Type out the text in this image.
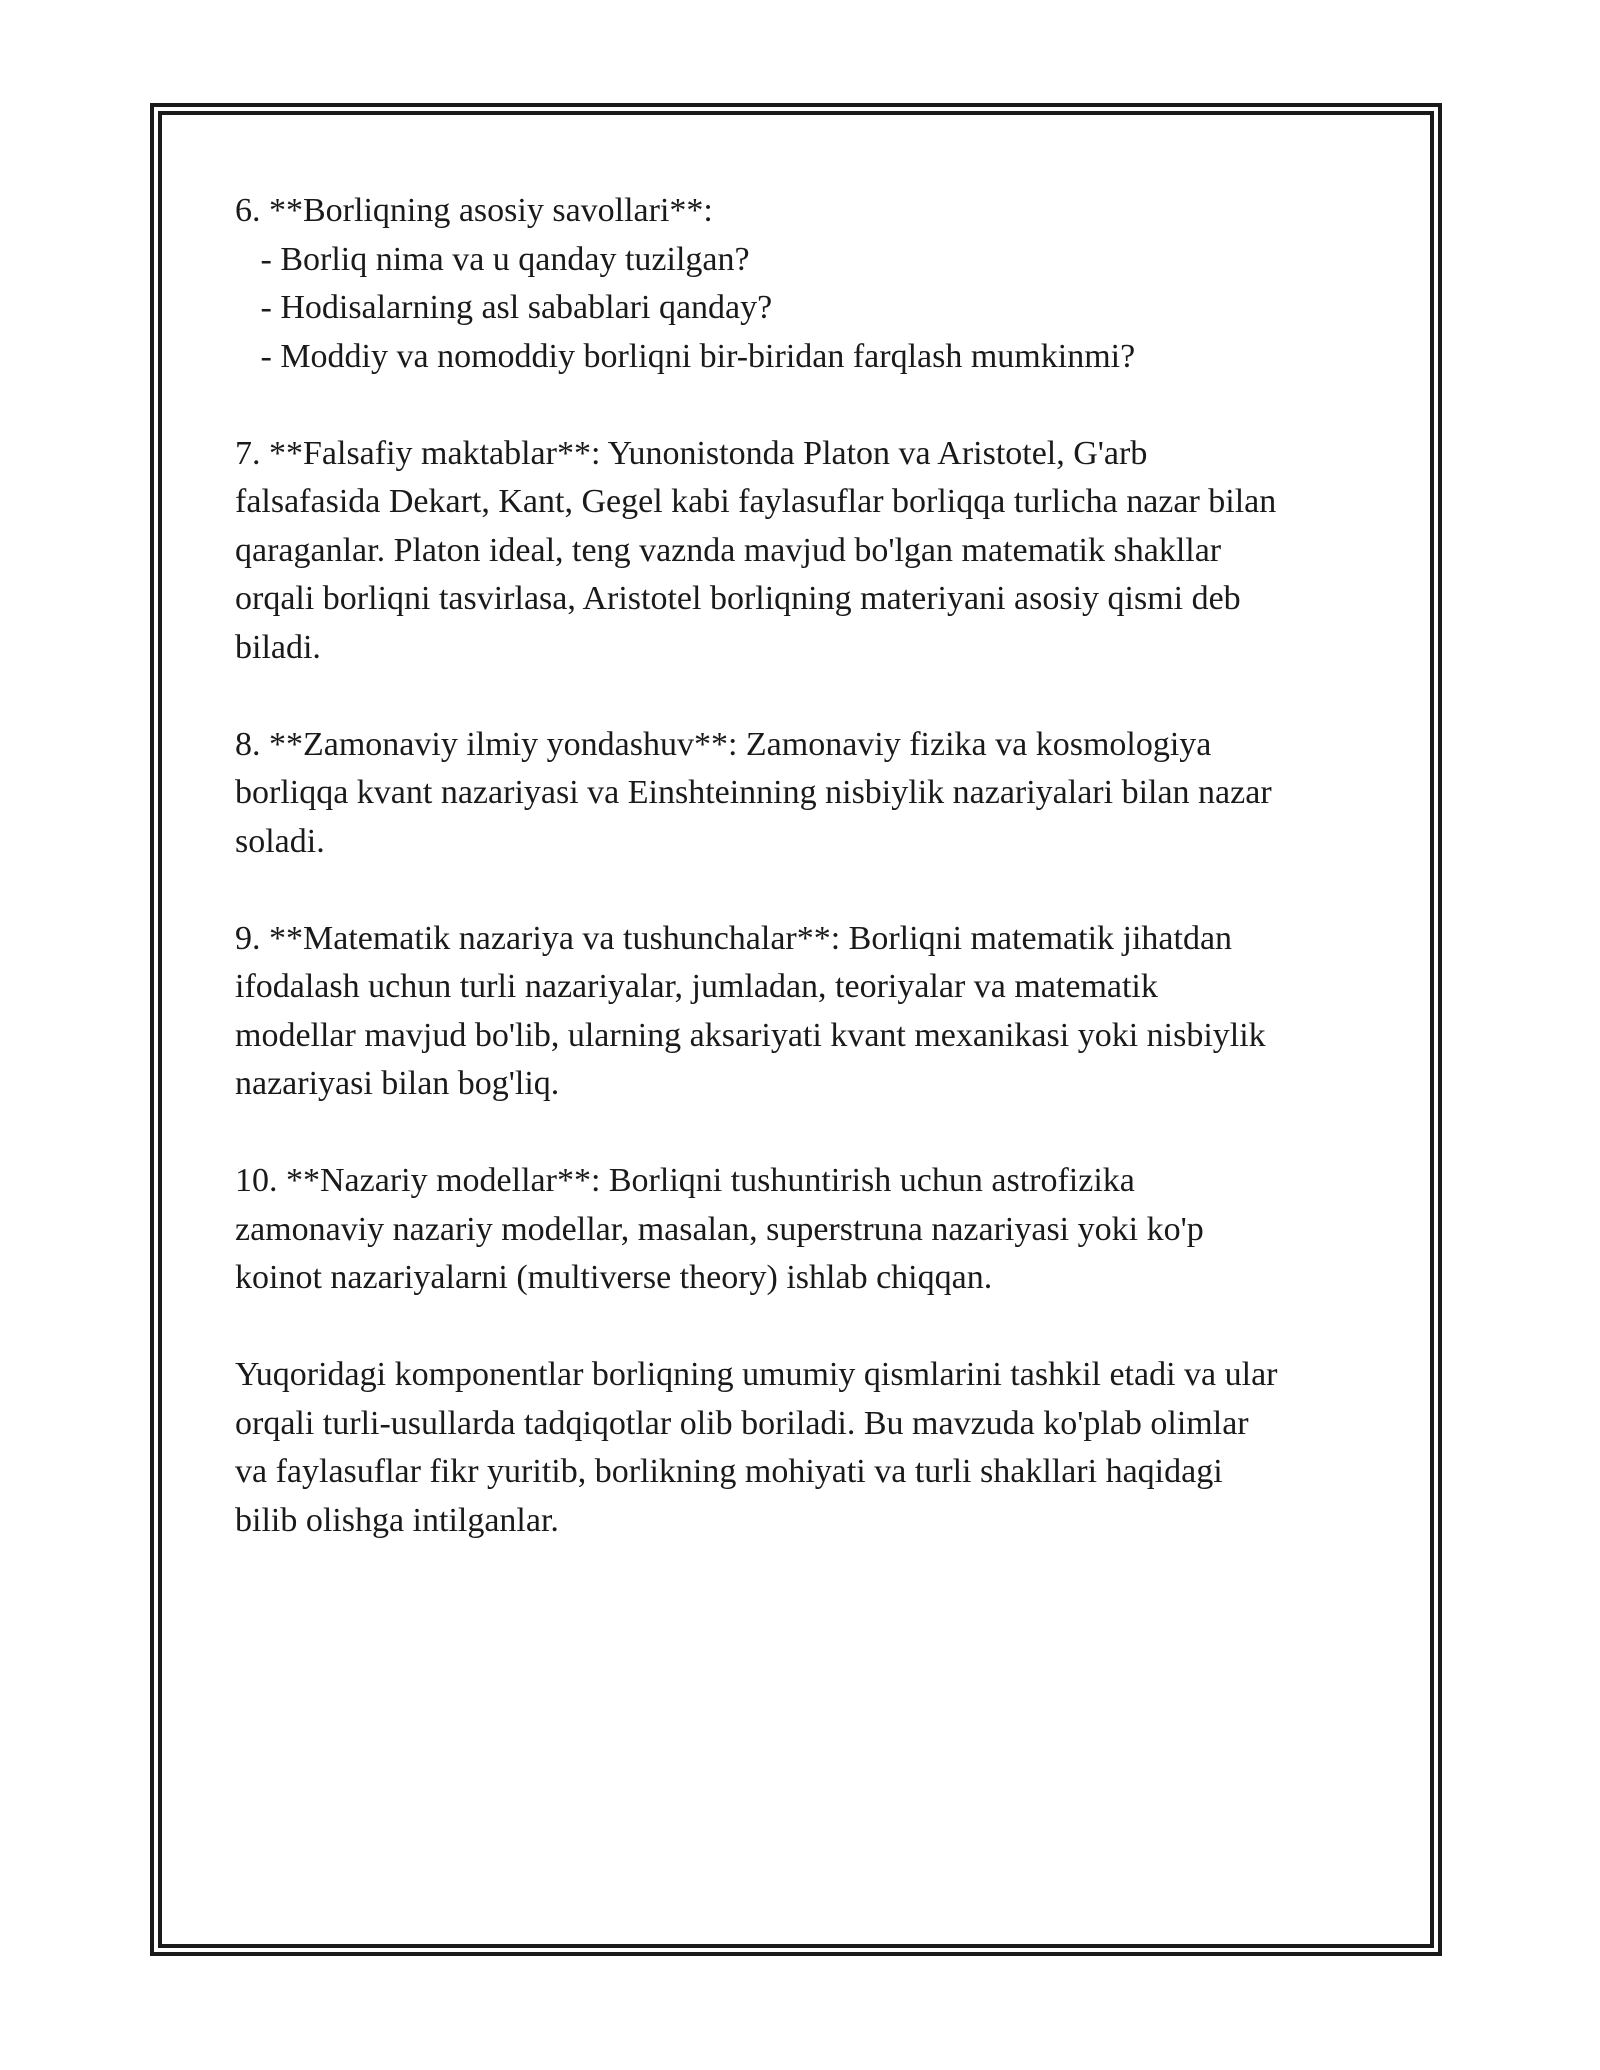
6. **Borliqning asosiy savollari**:
- Borliq nima va u qanday tuzilgan?
- Hodisalarning asl sabablari qanday?
- Moddiy va nomoddiy borliqni bir-biridan farqlash mumkinmi?
7. **Falsafiy maktablar**: Yunonistonda Platon va Aristotel, G'arb
falsafasida Dekart, Kant, Gegel kabi faylasuflar borliqqa turlicha nazar bilan
qaraganlar. Platon ideal, teng vaznda mavjud bo'lgan matematik shakllar
orqali borliqni tasvirlasa, Aristotel borliqning materiyani asosiy qismi deb
biladi.
8. **Zamonaviy ilmiy yondashuv**: Zamonaviy fizika va kosmologiya
borliqqa kvant nazariyasi va Einshteinning nisbiylik nazariyalari bilan nazar
soladi.
9. **Matematik nazariya va tushunchalar**: Borliqni matematik jihatdan
ifodalash uchun turli nazariyalar, jumladan, teoriyalar va matematik
modellar mavjud bo'lib, ularning aksariyati kvant mexanikasi yoki nisbiylik
nazariyasi bilan bog'liq.
10. **Nazariy modellar**: Borliqni tushuntirish uchun astrofizika
zamonaviy nazariy modellar, masalan, superstruna nazariyasi yoki ko'p
koinot nazariyalarni (multiverse theory) ishlab chiqqan.
Yuqoridagi komponentlar borliqning umumiy qismlarini tashkil etadi va ular
orqali turli-usullarda tadqiqotlar olib boriladi. Bu mavzuda ko'plab olimlar
va faylasuflar fikr yuritib, borlikning mohiyati va turli shakllari haqidagi
bilib olishga intilganlar.
